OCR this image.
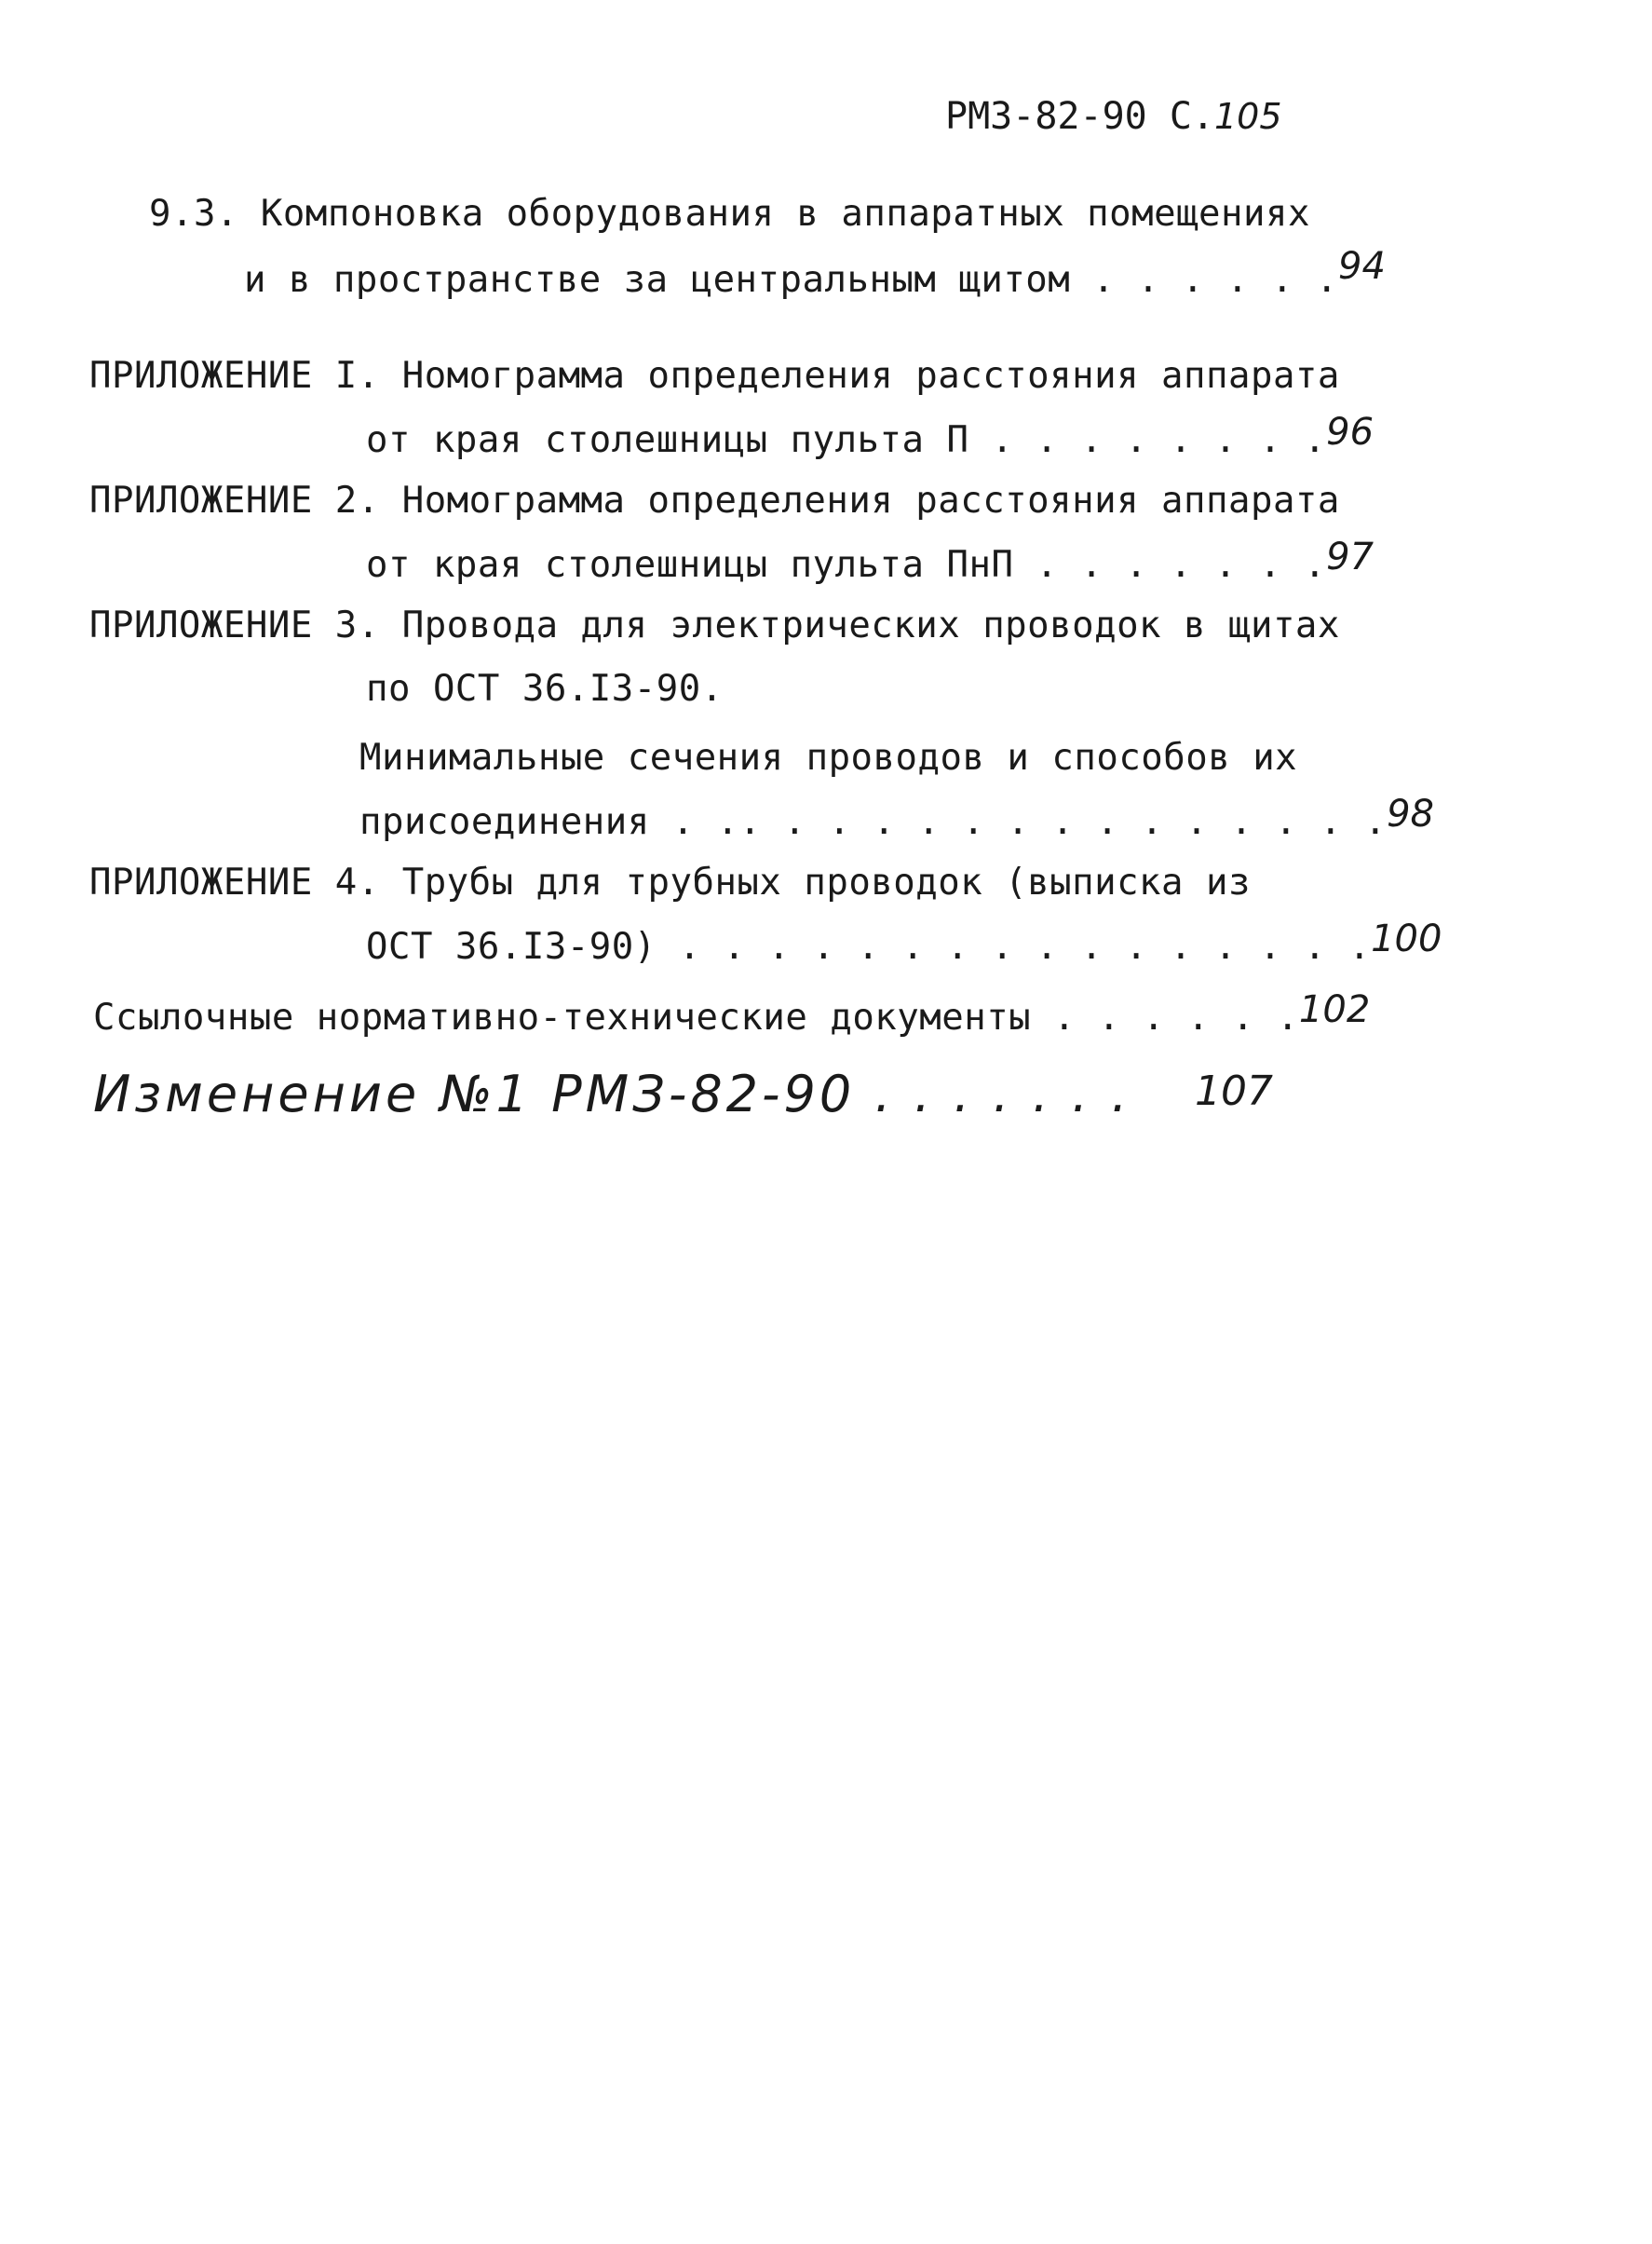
РМЗ-82-90 С.105
9.3. Компоновка оборудования в аппаратных помещениях
и в пространстве за центральным щитом . . . . . .94
ПРИЛОЖЕНИЕ I. Номограмма определения расстояния аппарата
от края столешницы пульта П . . . . . . . .96
ПРИЛОЖЕНИЕ 2. Номограмма определения расстояния аппарата
от края столешницы пульта ПнП . . . . . . .97
ПРИЛОЖЕНИЕ 3. Провода для электрических проводок в щитах
по ОСТ 36.I3-90.
Минимальные сечения проводов и способов их
присоединения . .. . . . . . . . . . . . . . .98
ПРИЛОЖЕНИЕ 4. Трубы для трубных проводок (выписка из
ОСТ 36.I3-90) . . . . . . . . . . . . . . . .100
Ссылочные нормативно-технические документы . . . . . .102
Изменение №1 РМЗ-82-90 . . . . . . . 107
